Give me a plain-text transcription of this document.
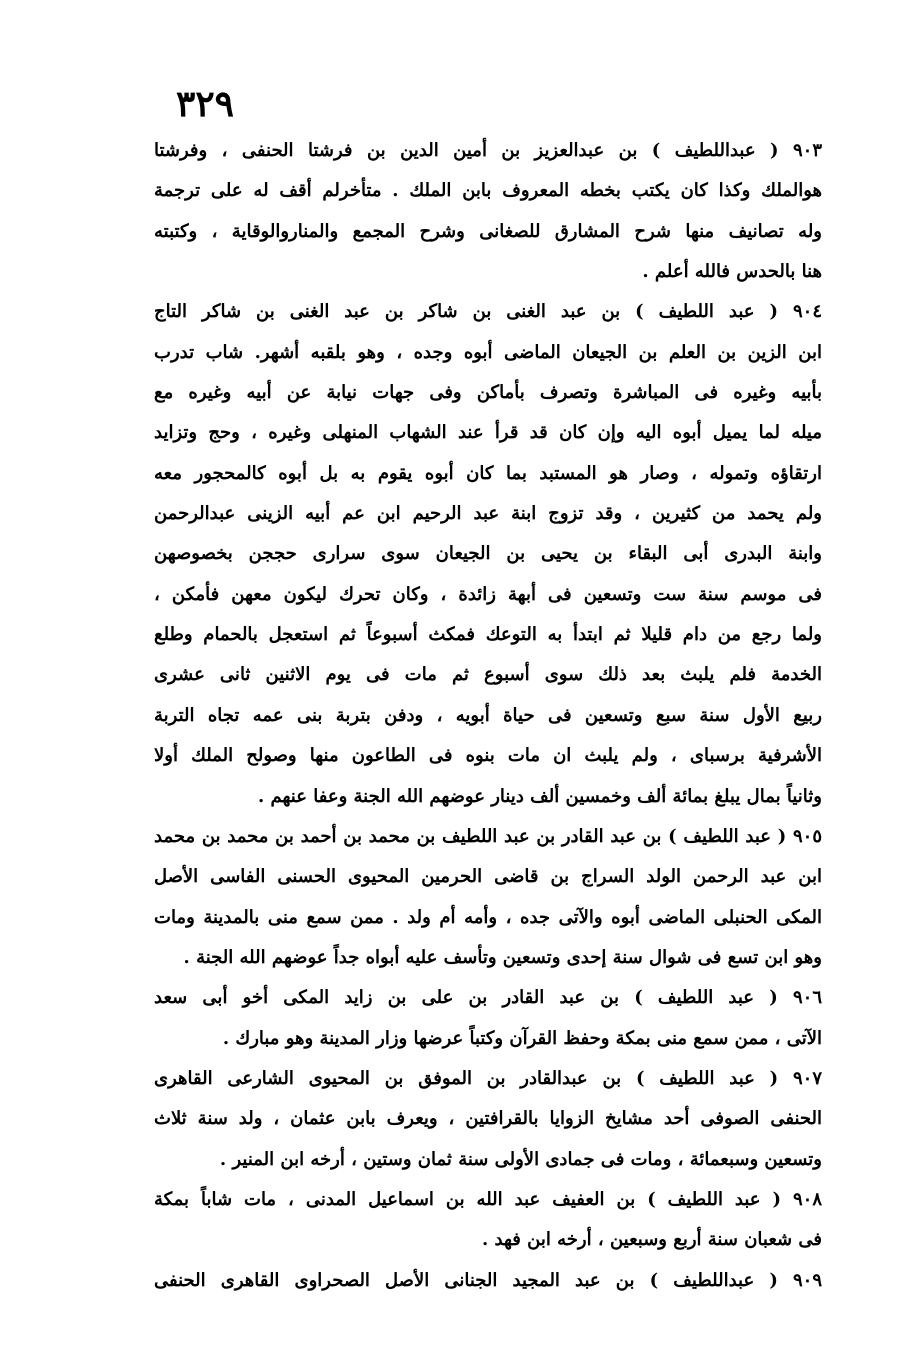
٣٢٩
٩٠٣ ( عبداللطيف ) بن عبدالعزيز بن أمين الدين بن فرشتا الحنفى ، وفرشتا
هوالملك وكذا كان يكتب بخطه المعروف بابن الملك . متأخرلم أقف له على ترجمة
وله تصانيف منها شرح المشارق للصغانى وشرح المجمع والمناروالوقاية ، وكتبته
هنا بالحدس فالله أعلم .
٩٠٤ ( عبد اللطيف ) بن عبد الغنى بن شاكر بن عبد الغنى بن شاكر التاج
ابن الزين بن العلم بن الجيعان الماضى أبوه وجده ، وهو بلقبه أشهر. شاب تدرب
بأبيه وغيره فى المباشرة وتصرف بأماكن وفى جهات نيابة عن أبيه وغيره مع
ميله لما يميل أبوه اليه وإن كان قد قرأ عند الشهاب المنهلى وغيره ، وحج وتزايد
ارتقاؤه وتموله ، وصار هو المستبد بما كان أبوه يقوم به بل أبوه كالمحجور معه
ولم يحمد من كثيرين ، وقد تزوج ابنة عبد الرحيم ابن عم أبيه الزينى عبدالرحمن
وابنة البدرى أبى البقاء بن يحيى بن الجيعان سوى سرارى حججن بخصوصهن
فى موسم سنة ست وتسعين فى أبهة زائدة ، وكان تحرك ليكون معهن فأمكن ،
ولما رجع من دام قليلا ثم ابتدأ به التوعك فمكث أسبوعاً ثم استعجل بالحمام وطلع
الخدمة فلم يلبث بعد ذلك سوى أسبوع ثم مات فى يوم الاثنين ثانى عشرى
ربيع الأول سنة سبع وتسعين فى حياة أبويه ، ودفن بتربة بنى عمه تجاه التربة
الأشرفية برسباى ، ولم يلبث ان مات بنوه فى الطاعون منها وصولح الملك أولا
وثانياً بمال يبلغ بمائة ألف وخمسين ألف دينار عوضهم الله الجنة وعفا عنهم .
٩٠٥ ( عبد اللطيف ) بن عبد القادر بن عبد اللطيف بن محمد بن أحمد بن محمد بن محمد
ابن عبد الرحمن الولد السراج بن قاضى الحرمين المحيوى الحسنى الفاسى الأصل
المكى الحنبلى الماضى أبوه والآتى جده ، وأمه أم ولد . ممن سمع منى بالمدينة ومات
وهو ابن تسع فى شوال سنة إحدى وتسعين وتأسف عليه أبواه جداً عوضهم الله الجنة .
٩٠٦ ( عبد اللطيف ) بن عبد القادر بن على بن زايد المكى أخو أبى سعد
الآتى ، ممن سمع منى بمكة وحفظ القرآن وكتباً عرضها وزار المدينة وهو مبارك .
٩٠٧ ( عبد اللطيف ) بن عبدالقادر بن الموفق بن المحيوى الشارعى القاهرى
الحنفى الصوفى أحد مشايخ الزوايا بالقرافتين ، ويعرف بابن عثمان ، ولد سنة ثلاث
وتسعين وسبعمائة ، ومات فى جمادى الأولى سنة ثمان وستين ، أرخه ابن المنير .
٩٠٨ ( عبد اللطيف ) بن العفيف عبد الله بن اسماعيل المدنى ، مات شاباً بمكة
فى شعبان سنة أربع وسبعين ، أرخه ابن فهد .
٩٠٩ ( عبداللطيف ) بن عبد المجيد الجنانى الأصل الصحراوى القاهرى الحنفى
